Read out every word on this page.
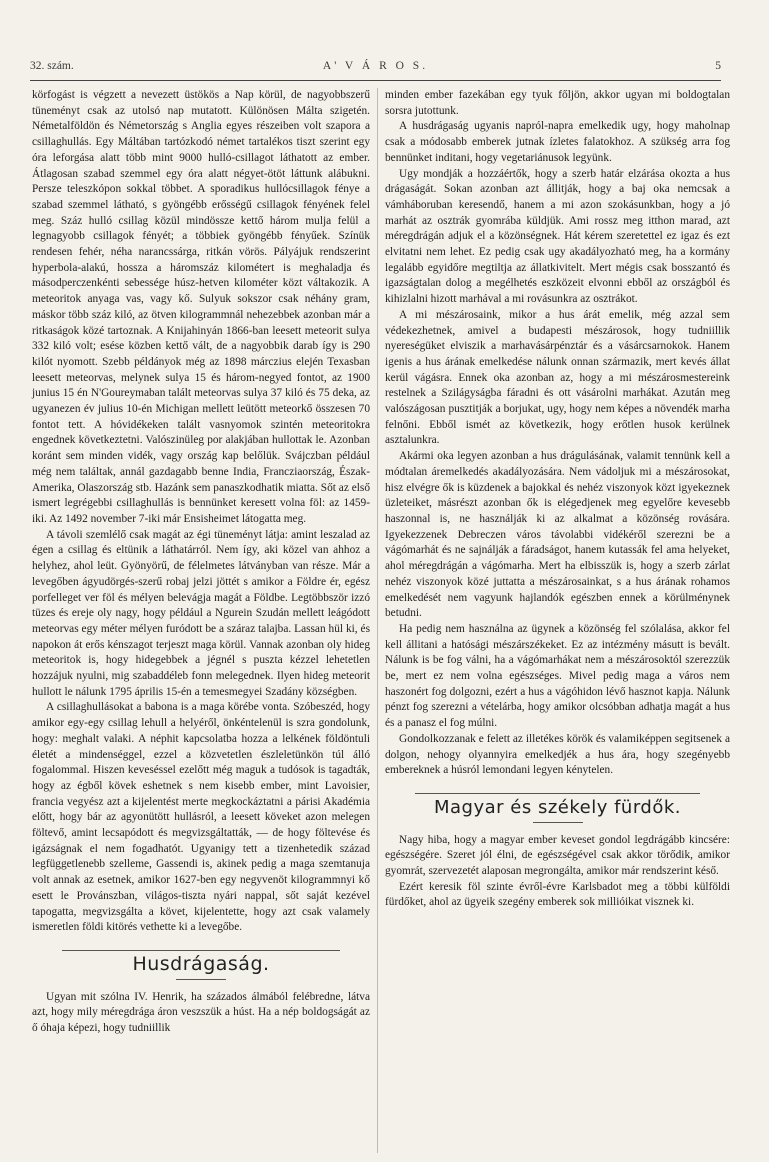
32. szám.	A' V Á R O S.	5

körfogást is végzett a nevezett üstökös a Nap körül, de nagyobbszerű tüneményt csak az utolsó nap mutatott. Különösen Málta szigetén. Németalföldön és Németország s Anglia egyes részeiben volt szapora a csillaghullás. Egy Máltában tartózkodó német tartalékos tiszt szerint egy óra leforgása alatt több mint 9000 hulló-csillagot láthatott az ember. Átlagosan szabad szemmel egy óra alatt négyet-ötöt láttunk alábukni. Persze teleszkópon sokkal többet. A sporadikus hullócsillagok fénye a szabad szemmel látható, s gyöngébb erősségű csillagok fényének felel meg. Száz hulló csillag közül mindössze kettő három mulja felül a legnagyobb csillagok fényét; a többiek gyöngébb fényűek. Színük rendesen fehér, néha narancssárga, ritkán vörös. Pályájuk rendszerint hyperbola-alakú, hossza a háromszáz kilométert is meghaladja és másodperczenkénti sebessége húsz-hetven kilométer közt váltakozik. A meteoritok anyaga vas, vagy kő. Sulyuk sokszor csak néhány gram, máskor több száz kiló, az ötven kilogrammnál nehezebbek azonban már a ritkaságok közé tartoznak. A Knijahinyán 1866-ban leesett meteorit sulya 332 kiló volt; esése közben kettő vált, de a nagyobbik darab így is 290 kilót nyomott. Szebb példányok még az 1898 márczius elején Texasban leesett meteorvas, melynek sulya 15 és három-negyed fontot, az 1900 junius 15 én N'Goureymaban talált meteorvas sulya 37 kiló és 75 deka, az ugyanezen év julius 10-én Michigan mellett leütött meteorkő összesen 70 fontot tett. A hóvidékeken talált vasnyomok szintén meteoritokra engednek következtetni. Valószinüleg por alakjában hullottak le. Azonban koránt sem minden vidék, vagy ország kap belőlük. Svájczban például még nem találtak, annál gazdagabb benne India, Francziaország, Észak-Amerika, Olaszország stb. Hazánk sem panaszkodhatik miatta. Sőt az első ismert legrégebbi csillaghullás is bennünket keresett volna föl: az 1459-iki. Az 1492 november 7-iki már Ensisheimet látogatta meg.

A távoli szemlélő csak magát az égi tüneményt látja: amint leszalad az égen a csillag és eltünik a láthatárról. Nem így, aki közel van ahhoz a helyhez, ahol leüt. Gyönyörű, de félelmetes látványban van része. Már a levegőben ágyudörgés-szerű robaj jelzi jöttét s amikor a Földre ér, egész porfelleget ver föl és mélyen belevágja magát a Földbe. Legtöbbször izzó tüzes és ereje oly nagy, hogy például a Ngurein Szudán mellett leágódott meteorvas egy méter mélyen furódott be a száraz talajba. Lassan hül ki, és napokon át erős kénszagot terjeszt maga körül. Vannak azonban oly hideg meteoritok is, hogy hidegebbek a jégnél s puszta kézzel lehetetlen hozzájuk nyulni, mig szabaddéleb fonn melegednek. Ilyen hideg meteorit hullott le nálunk 1795 április 15-én a temesmegyei Szadány községben.

A csillaghullásokat a babona is a maga körébe vonta. Szóbeszéd, hogy amikor egy-egy csillag lehull a helyéről, önkéntelenül is szra gondolunk, hogy: meghalt valaki. A néphit kapcsolatba hozza a lelkének földöntuli életét a mindenséggel, ezzel a közvetetlen észleletünkön túl álló fogalommal. Hiszen keveséssel ezelőtt még maguk a tudósok is tagadták, hogy az égből kövek eshetnek s nem kisebb ember, mint Lavoisier, francia vegyész azt a kijelentést merte megkockáztatni a párisi Akadémia előtt, hogy bár az agyonütött hullásról, a leesett köveket azon melegen föltevő, amint lecsapódott és megvizsgáltatták, — de hogy föltevése és igázságnak el nem fogadhatót. Ugyanigy tett a tizenhetedik század legfüggetlenebb szelleme, Gassendi is, akinek pedig a maga szemtanuja volt annak az esetnek, amikor 1627-ben egy negyvenöt kilogrammnyi kő esett le Provánszban, világos-tiszta nyári nappal, sőt saját kezével tapogatta, megvizsgálta a követ, kijelentette, hogy azt csak valamely ismeretlen földi kitörés vethette ki a levegőbe.

Husdrágaság.

Ugyan mit szólna IV. Henrik, ha százados álmából felébredne, látva azt, hogy mily méregdrága áron veszszük a húst. Ha a nép boldogságát az ő óhaja képezi, hogy tudniillik

minden ember fazekában egy tyuk főljön, akkor ugyan mi boldogtalan sorsra jutottunk.

A husdrágaság ugyanis napról-napra emelkedik ugy, hogy maholnap csak a módosabb emberek jutnak ízletes falatokhoz. A szükség arra fog bennünket inditani, hogy vegetariánusok legyünk.

Ugy mondják a hozzáértők, hogy a szerb határ elzárása okozta a hus drágaságát. Sokan azonban azt állitják, hogy a baj oka nemcsak a vámháboruban keresendő, hanem a mi azon szokásunkban, hogy a jó marhát az osztrák gyomrába küldjük. Ami rossz meg itthon marad, azt méregdrágán adjuk el a közönségnek. Hát kérem szeretettel ez igaz és ezt elvitatni nem lehet. Ez pedig csak ugy akadályozható meg, ha a kormány legalább egyidőre megtiltja az állatkivitelt. Mert mégis csak bosszantó és igazságtalan dolog a megélhetés eszközeit elvonni ebből az országból és kihizlalni hizott marhával a mi rovásunkra az osztrákot.

A mi mészárosaink, mikor a hus árát emelik, még azzal sem védekezhetnek, amivel a budapesti mészárosok, hogy tudniillik nyereségüket elviszik a marhavásárpénztár és a vásárcsarnokok. Hanem igenis a hus árának emelkedése nálunk onnan származik, mert kevés állat kerül vágásra. Ennek oka azonban az, hogy a mi mészárosmestereink restelnek a Szilágyságba fáradni és ott vásárolni marhákat. Azután meg valószágosan pusztitják a borjukat, ugy, hogy nem képes a növendék marha felnőni. Ebből ismét az következik, hogy erőtlen husok kerülnek asztalunkra.

Akármi oka legyen azonban a hus drágulásának, valamit tennünk kell a módtalan áremelkedés akadályozására. Nem vádoljuk mi a mészárosokat, hisz elvégre ők is küzdenek a bajokkal és nehéz viszonyok közt igyekeznek üzleteiket, másrészt azonban ők is elégedjenek meg egyelőre kevesebb haszonnal is, ne használják ki az alkalmat a közönség rovására. Igyekezzenek Debreczen város távolabbi vidékéről szerezni be a vágómarhát és ne sajnálják a fáradságot, hanem kutassák fel ama helyeket, ahol méregdrágán a vágómarha. Mert ha elbisszük is, hogy a szerb zárlat nehéz viszonyok közé juttatta a mészárosainkat, s a hus árának rohamos emelkedését nem vagyunk hajlandók egészben ennek a körülménynek betudni.

Ha pedig nem használna az ügynek a közönség fel szólalása, akkor fel kell állitani a hatósági mészárszékeket. Ez az intézmény másutt is bevált. Nálunk is be fog válni, ha a vágómarhákat nem a mészárosoktól szerezzük be, mert ez nem volna egészséges. Mivel pedig maga a város nem haszonért fog dolgozni, ezért a hus a vágóhidon lévő hasznot kapja. Nálunk pénzt fog szerezni a vételárba, hogy amikor olcsóbban adhatja magát a hus és a panasz el fog múlni.

Gondolkozzanak e felett az illetékes körök és valamiképpen segitsenek a dolgon, nehogy olyannyira emelkedjék a hus ára, hogy szegényebb embereknek a húsról lemondani legyen kénytelen.

Magyar és székely fürdők.

Nagy hiba, hogy a magyar ember keveset gondol legdrágább kincsére: egészségére. Szeret jól élni, de egészségével csak akkor törődik, amikor gyomrát, szervezetét alaposan megrongálta, amikor már rendszerint késő.

Ezért keresik föl szinte évről-évre Karlsbadot meg a többi külföldi fürdőket, ahol az ügyeik szegény emberek sok millióikat visznek ki.
